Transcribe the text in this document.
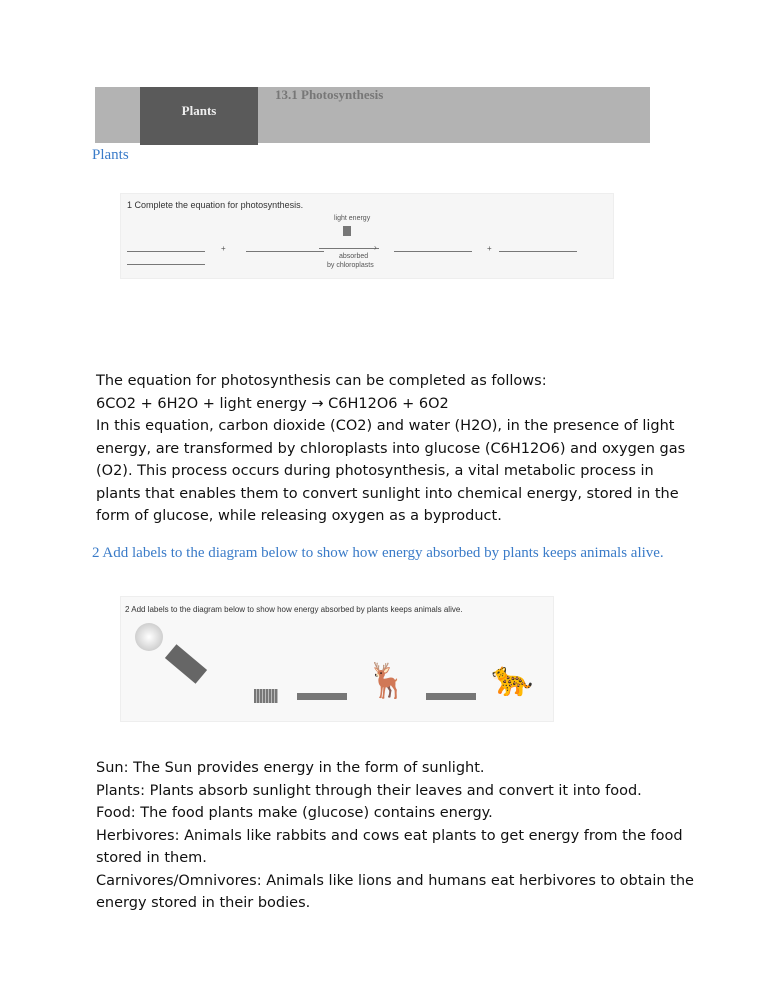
Plants
13.1 Photosynthesis
Plants
1 Complete the equation for photosynthesis.
light energy
+	›
absorbed
by chloroplasts
+

The equation for photosynthesis can be completed as follows:

6CO2 + 6H2O + light energy → C6H12O6 + 6O2

In this equation, carbon dioxide (CO2) and water (H2O), in the presence of light energy, are transformed by chloroplasts into glucose (C6H12O6) and oxygen gas (O2). This process occurs during photosynthesis, a vital metabolic process in plants that enables them to convert sunlight into chemical energy, stored in the form of glucose, while releasing oxygen as a byproduct.

2 Add labels to the diagram below to show how energy absorbed by plants keeps animals alive.
2 Add labels to the diagram below to show how energy absorbed by plants keeps animals alive.
🦌 🐆

Sun: The Sun provides energy in the form of sunlight.

Plants: Plants absorb sunlight through their leaves and convert it into food.

Food: The food plants make (glucose) contains energy.

Herbivores: Animals like rabbits and cows eat plants to get energy from the food stored in them.

Carnivores/Omnivores: Animals like lions and humans eat herbivores to obtain the energy stored in their bodies.
